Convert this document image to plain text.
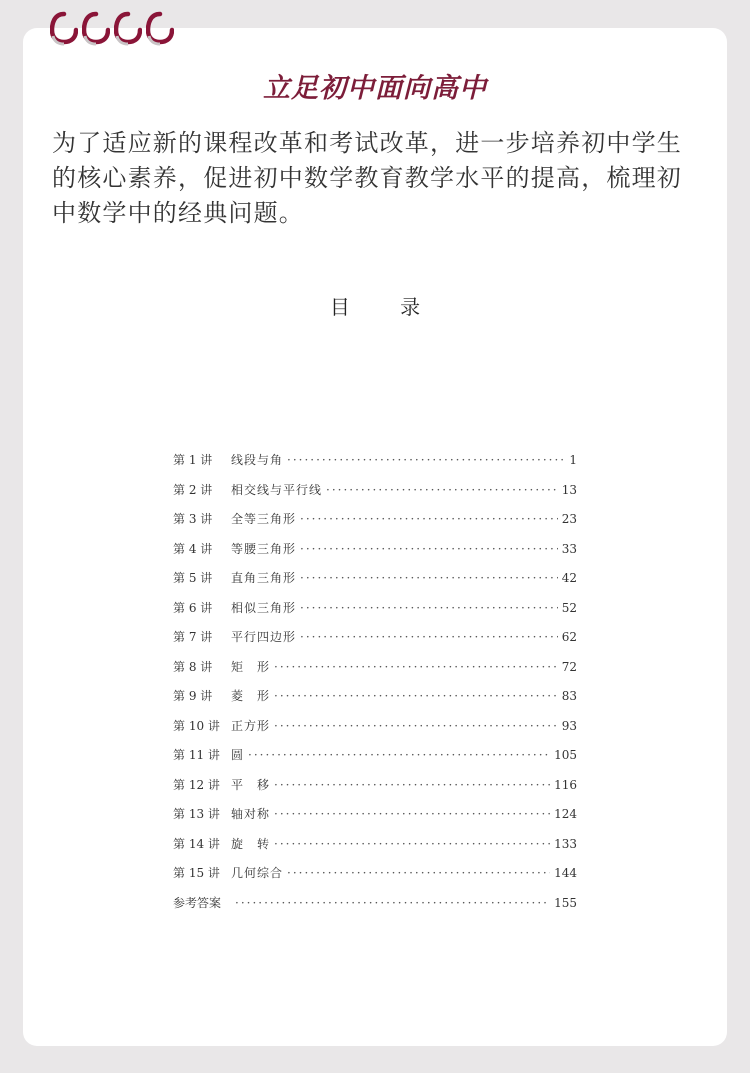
立足初中面向高中
为了适应新的课程改革和考试改革，进一步培养初中学生的核心素养，促进初中数学教育教学水平的提高，梳理初中数学中的经典问题。
目 录
第 1 讲	线段与角 ·····	1
第 2 讲	相交线与平行线 ·····	13
第 3 讲	全等三角形 ·····	23
第 4 讲	等腰三角形 ·····	33
第 5 讲	直角三角形 ·····	42
第 6 讲	相似三角形 ·····	52
第 7 讲	平行四边形 ·····	62
第 8 讲	矩　形 ·····	72
第 9 讲	菱　形 ·····	83
第 10 讲 正方形 ·····	93
第 11 讲 圆 ·····	105
第 12 讲 平　移 ·····	116
第 13 讲 轴对称 ·····	124
第 14 讲 旋　转 ·····	133
第 15 讲 几何综合 ·····	144
参考答案 ·····	155
